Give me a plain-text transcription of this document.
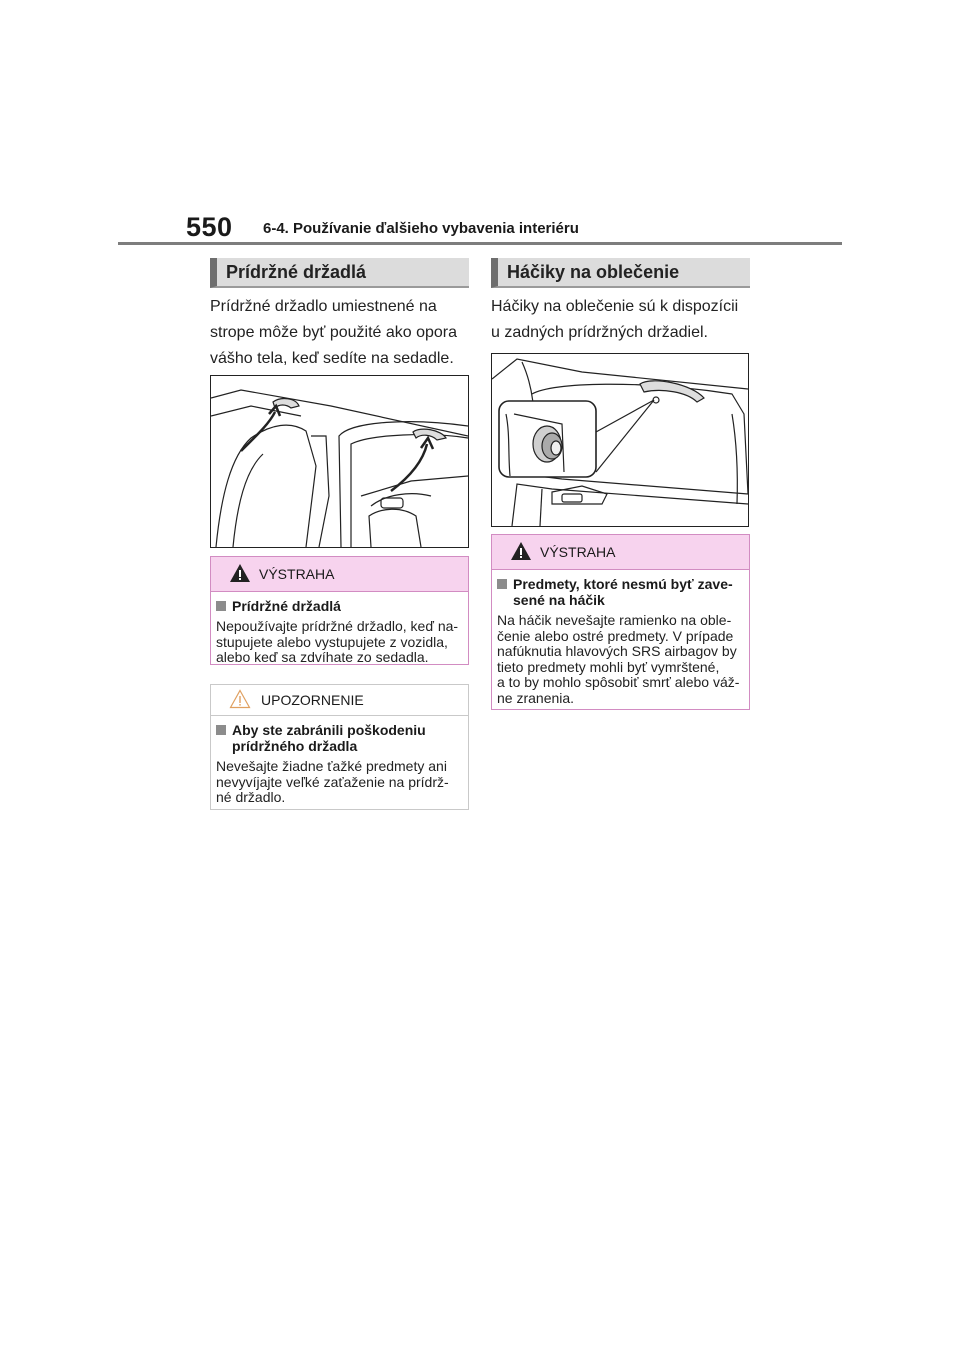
550 6-4. Používanie ďalšieho vybavenia interiéru
Prídržné držadlá
Prídržné držadlo umiestnené na
strope môže byť použité ako opora
vášho tela, keď sedíte na sedadle.
VÝSTRAHA
Prídržné držadlá
Nepoužívajte prídržné držadlo, keď na-
stupujete alebo vystupujete z vozidla,
alebo keď sa zdvíhate zo sedadla.
UPOZORNENIE
Aby ste zabránili poškodeniu
prídržného držadla
Nevešajte žiadne ťažké predmety ani
nevyvíjajte veľké zaťaženie na prídrž-
né držadlo.
Háčiky na oblečenie
Háčiky na oblečenie sú k dispozícii
u zadných prídržných držadiel.
VÝSTRAHA
Predmety, ktoré nesmú byť zave-
sené na háčik
Na háčik nevešajte ramienko na oble-
čenie alebo ostré predmety. V prípade
nafúknutia hlavových SRS airbagov by
tieto predmety mohli byť vymrštené,
a to by mohlo spôsobiť smrť alebo váž-
ne zranenia.
